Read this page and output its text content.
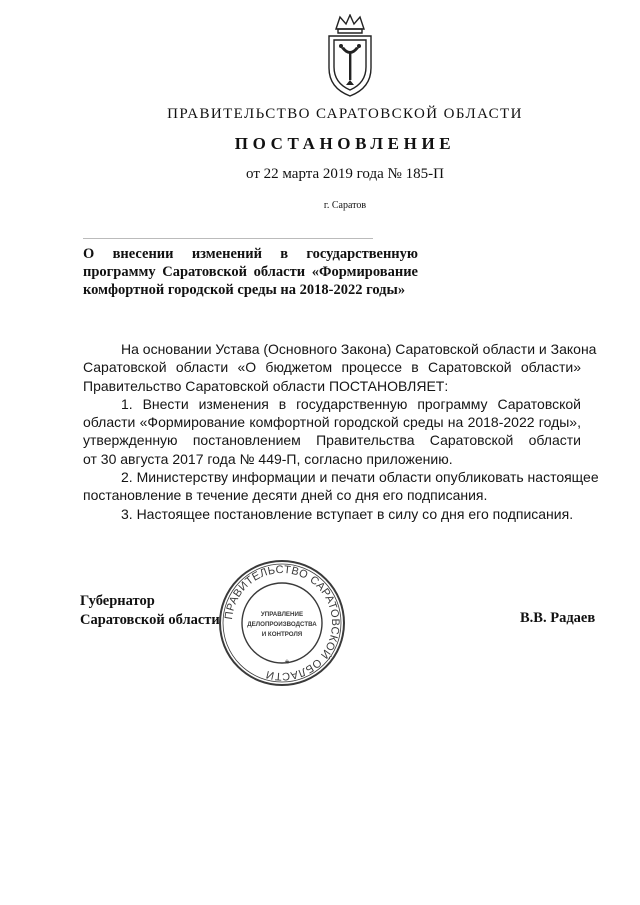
ПРАВИТЕЛЬСТВО САРАТОВСКОЙ ОБЛАСТИ
ПОСТАНОВЛЕНИЕ
от 22 марта 2019 года № 185-П
г. Саратов
О внесении изменений в государственную
программу Саратовской области «Формирование
комфортной городской среды на 2018-2022 годы»
На основании Устава (Основного Закона) Саратовской области и Закона
Саратовской области «О бюджетом процессе в Саратовской области»
Правительство Саратовской области ПОСТАНОВЛЯЕТ:
1. Внести изменения в государственную программу Саратовской
области «Формирование комфортной городской среды на 2018-2022 годы»,
утвержденную постановлением Правительства Саратовской области
от 30 августа 2017 года № 449-П, согласно приложению.
2. Министерству информации и печати области опубликовать настоящее
постановление в течение десяти дней со дня его подписания.
3. Настоящее постановление вступает в силу со дня его подписания.
Губернатор
Саратовской области ПРАВИТЕЛЬСТВО САРАТОВСКОЙ ОБЛАСТИ
УПРАВЛЕНИЕ
ДЕЛОПРОИЗВОДСТВА
И КОНТРОЛЯ
*
В.В. Радаев
